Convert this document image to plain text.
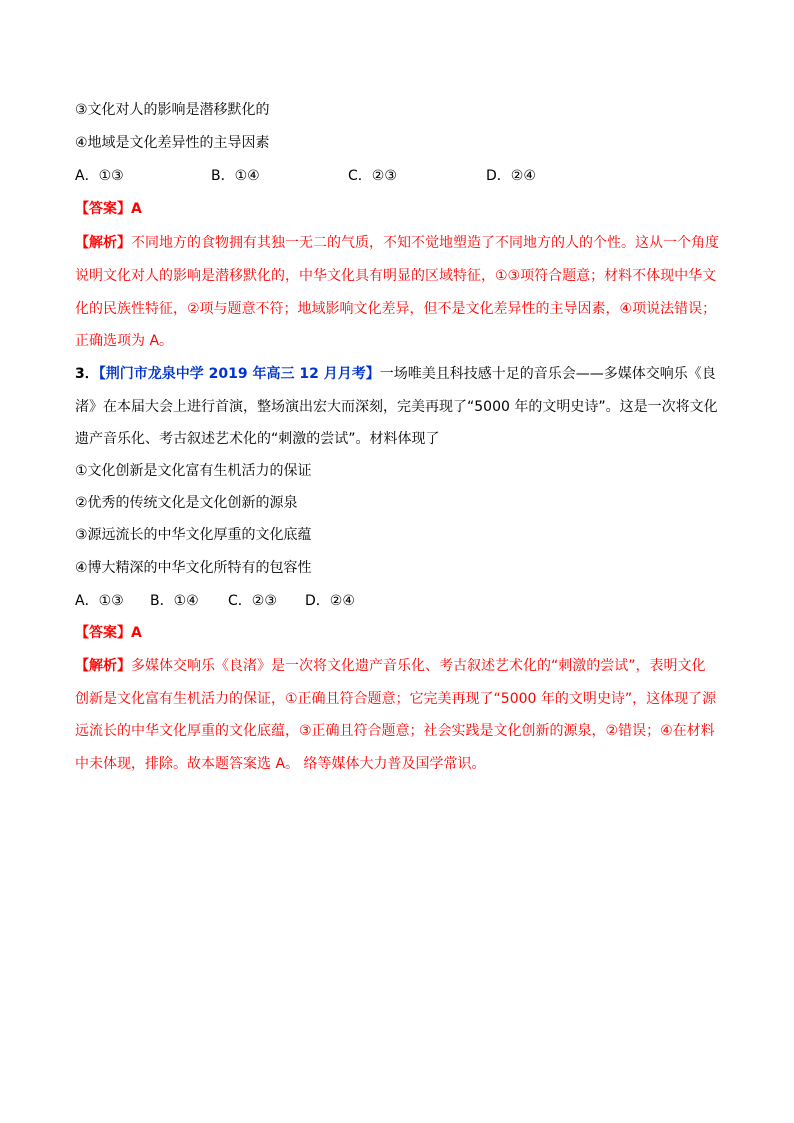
③文化对人的影响是潜移默化的
④地域是文化差异性的主导因素
A．①③	B．①④	C．②③	D．②④
【答案】A
【解析】不同地方的食物拥有其独一无二的气质，不知不觉地塑造了不同地方的人的个性。这从一个角度
说明文化对人的影响是潜移默化的，中华文化具有明显的区域特征，①③项符合题意；材料不体现中华文
化的民族性特征，②项与题意不符；地域影响文化差异，但不是文化差异性的主导因素，④项说法错误；
正确选项为 A。
3．【荆门市龙泉中学 2019 年高三 12 月月考】一场唯美且科技感十足的音乐会——多媒体交响乐《良
渚》在本届大会上进行首演，整场演出宏大而深刻，完美再现了“5000 年的文明史诗”。这是一次将文化
遗产音乐化、考古叙述艺术化的“刺激的尝试”。材料体现了
①文化创新是文化富有生机活力的保证
②优秀的传统文化是文化创新的源泉
③源远流长的中华文化厚重的文化底蕴
④博大精深的中华文化所特有的包容性
A．①③ B．①④ C．②③ D．②④
【答案】A
【解析】多媒体交响乐《良渚》是一次将文化遗产音乐化、考古叙述艺术化的“刺激的尝试”，表明文化
创新是文化富有生机活力的保证，①正确且符合题意；它完美再现了“5000 年的文明史诗”，这体现了源
远流长的中华文化厚重的文化底蕴，③正确且符合题意；社会实践是文化创新的源泉，②错误；④在材料
中未体现，排除。故本题答案选 A。 络等媒体大力普及国学常识。
